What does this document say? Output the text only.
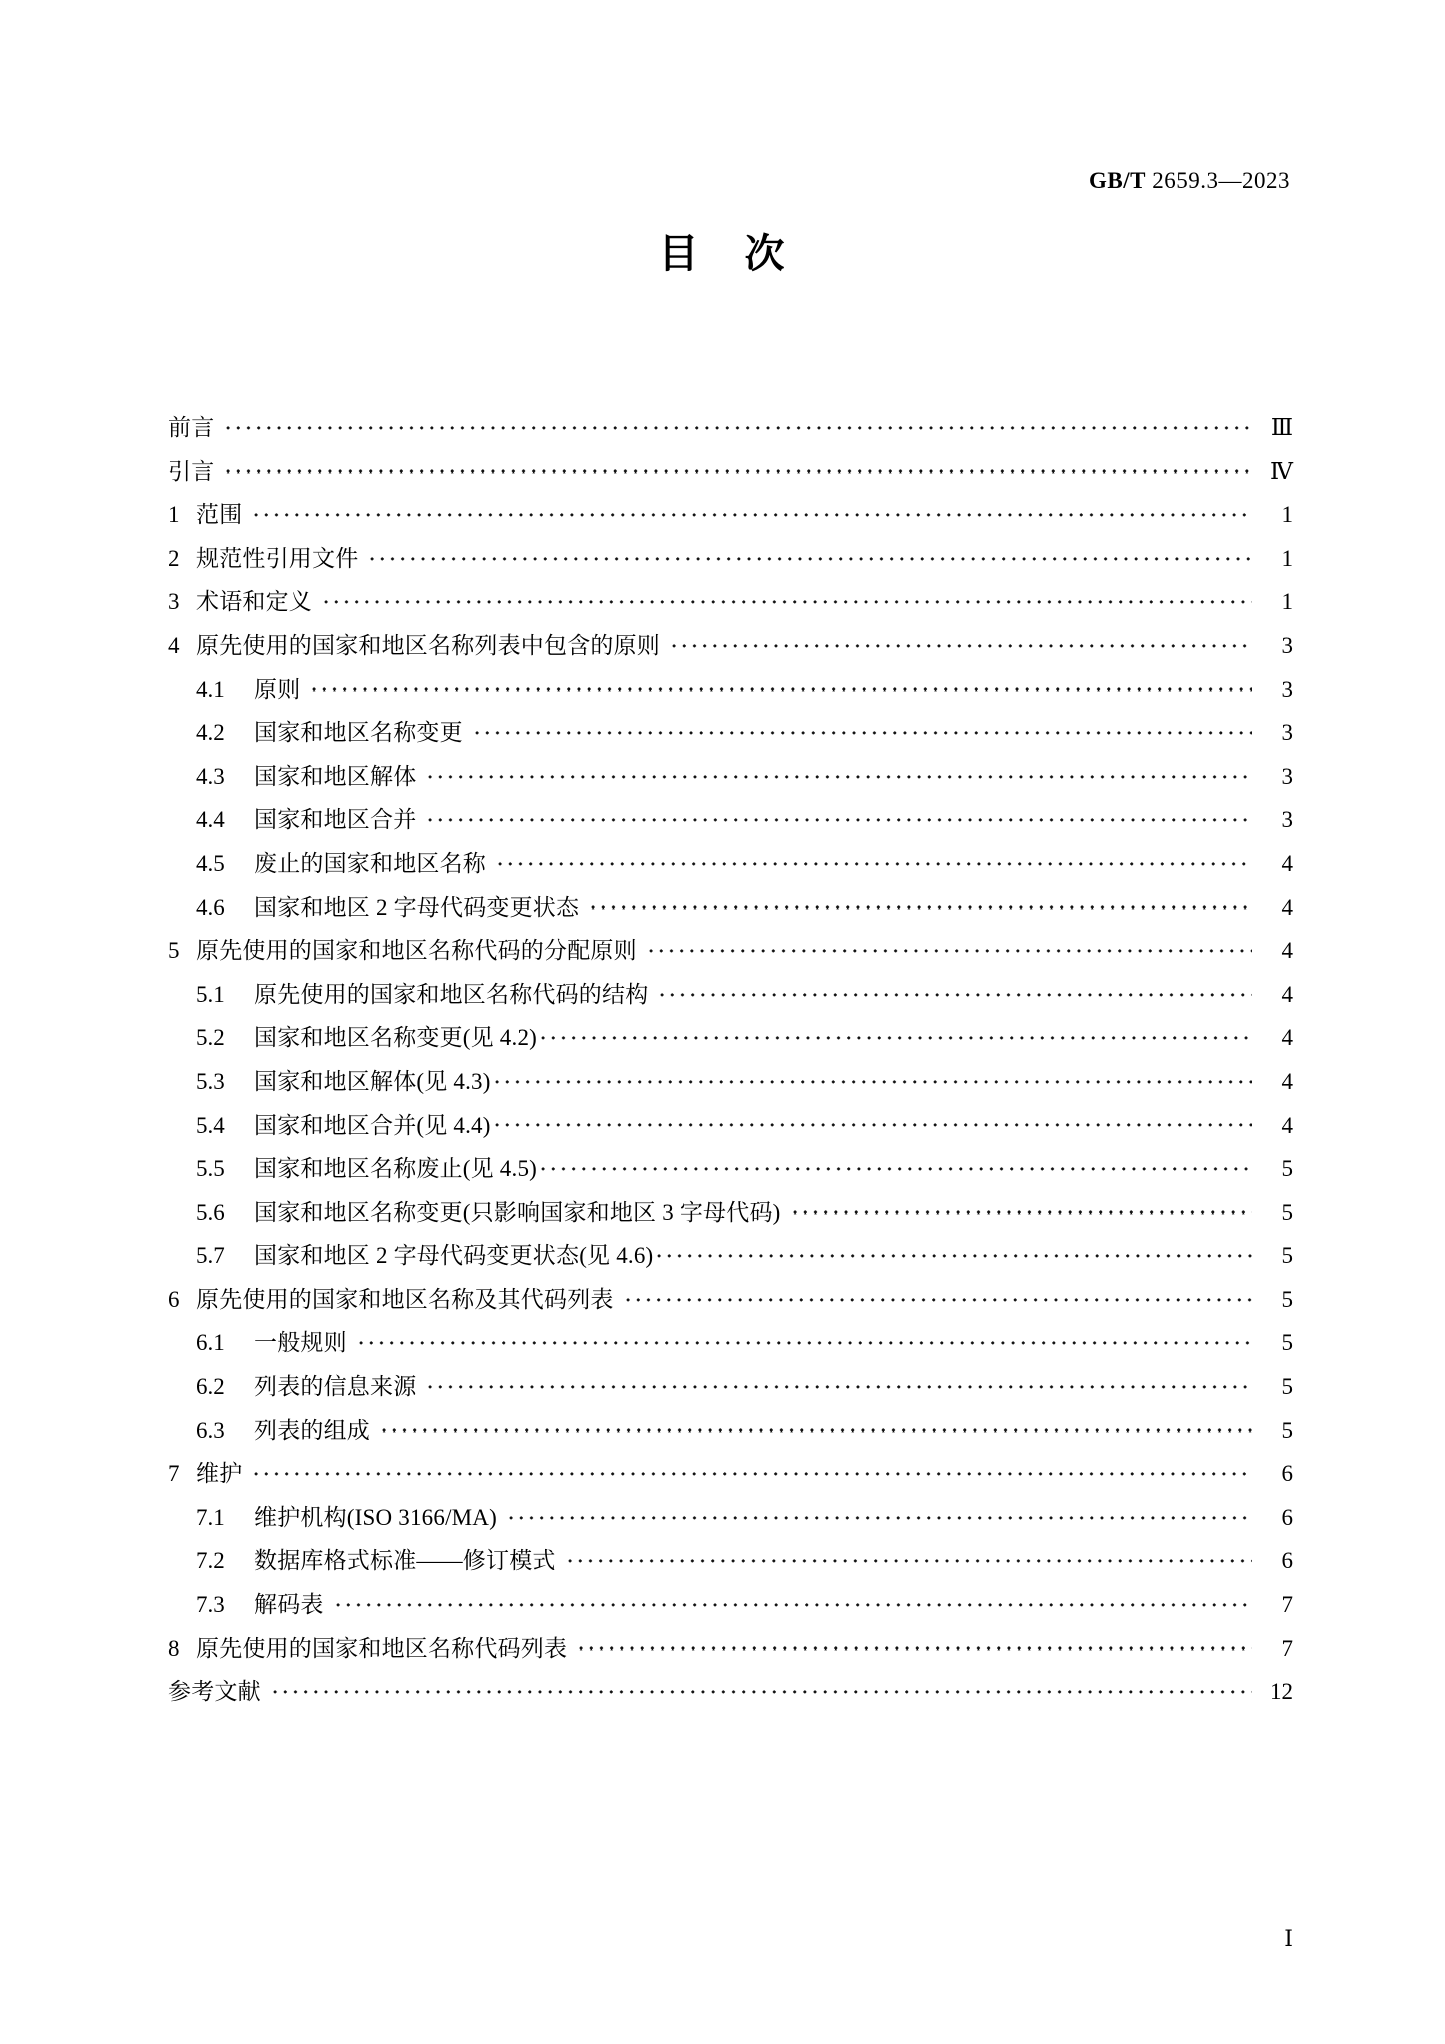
GB/T 2659.3—2023
目 次
前言	Ⅲ
引言	Ⅳ
1 范围	1
2 规范性引用文件	1
3 术语和定义	1
4 原先使用的国家和地区名称列表中包含的原则	3
4.1	原则	3
4.2	国家和地区名称变更	3
4.3	国家和地区解体	3
4.4	国家和地区合并	3
4.5	废止的国家和地区名称	4
4.6	国家和地区 2 字母代码变更状态	4
5 原先使用的国家和地区名称代码的分配原则	4
5.1	原先使用的国家和地区名称代码的结构	4
5.2	国家和地区名称变更(见 4.2)	4
5.3	国家和地区解体(见 4.3)	4
5.4	国家和地区合并(见 4.4)	4
5.5	国家和地区名称废止(见 4.5)	5
5.6	国家和地区名称变更(只影响国家和地区 3 字母代码)	5
5.7	国家和地区 2 字母代码变更状态(见 4.6)	5
6 原先使用的国家和地区名称及其代码列表	5
6.1	一般规则	5
6.2	列表的信息来源	5
6.3	列表的组成	5
7 维护	6
7.1	维护机构(ISO 3166/MA)	6
7.2	数据库格式标准——修订模式	6
7.3	解码表	7
8 原先使用的国家和地区名称代码列表	7
参考文献	12
Ⅰ
